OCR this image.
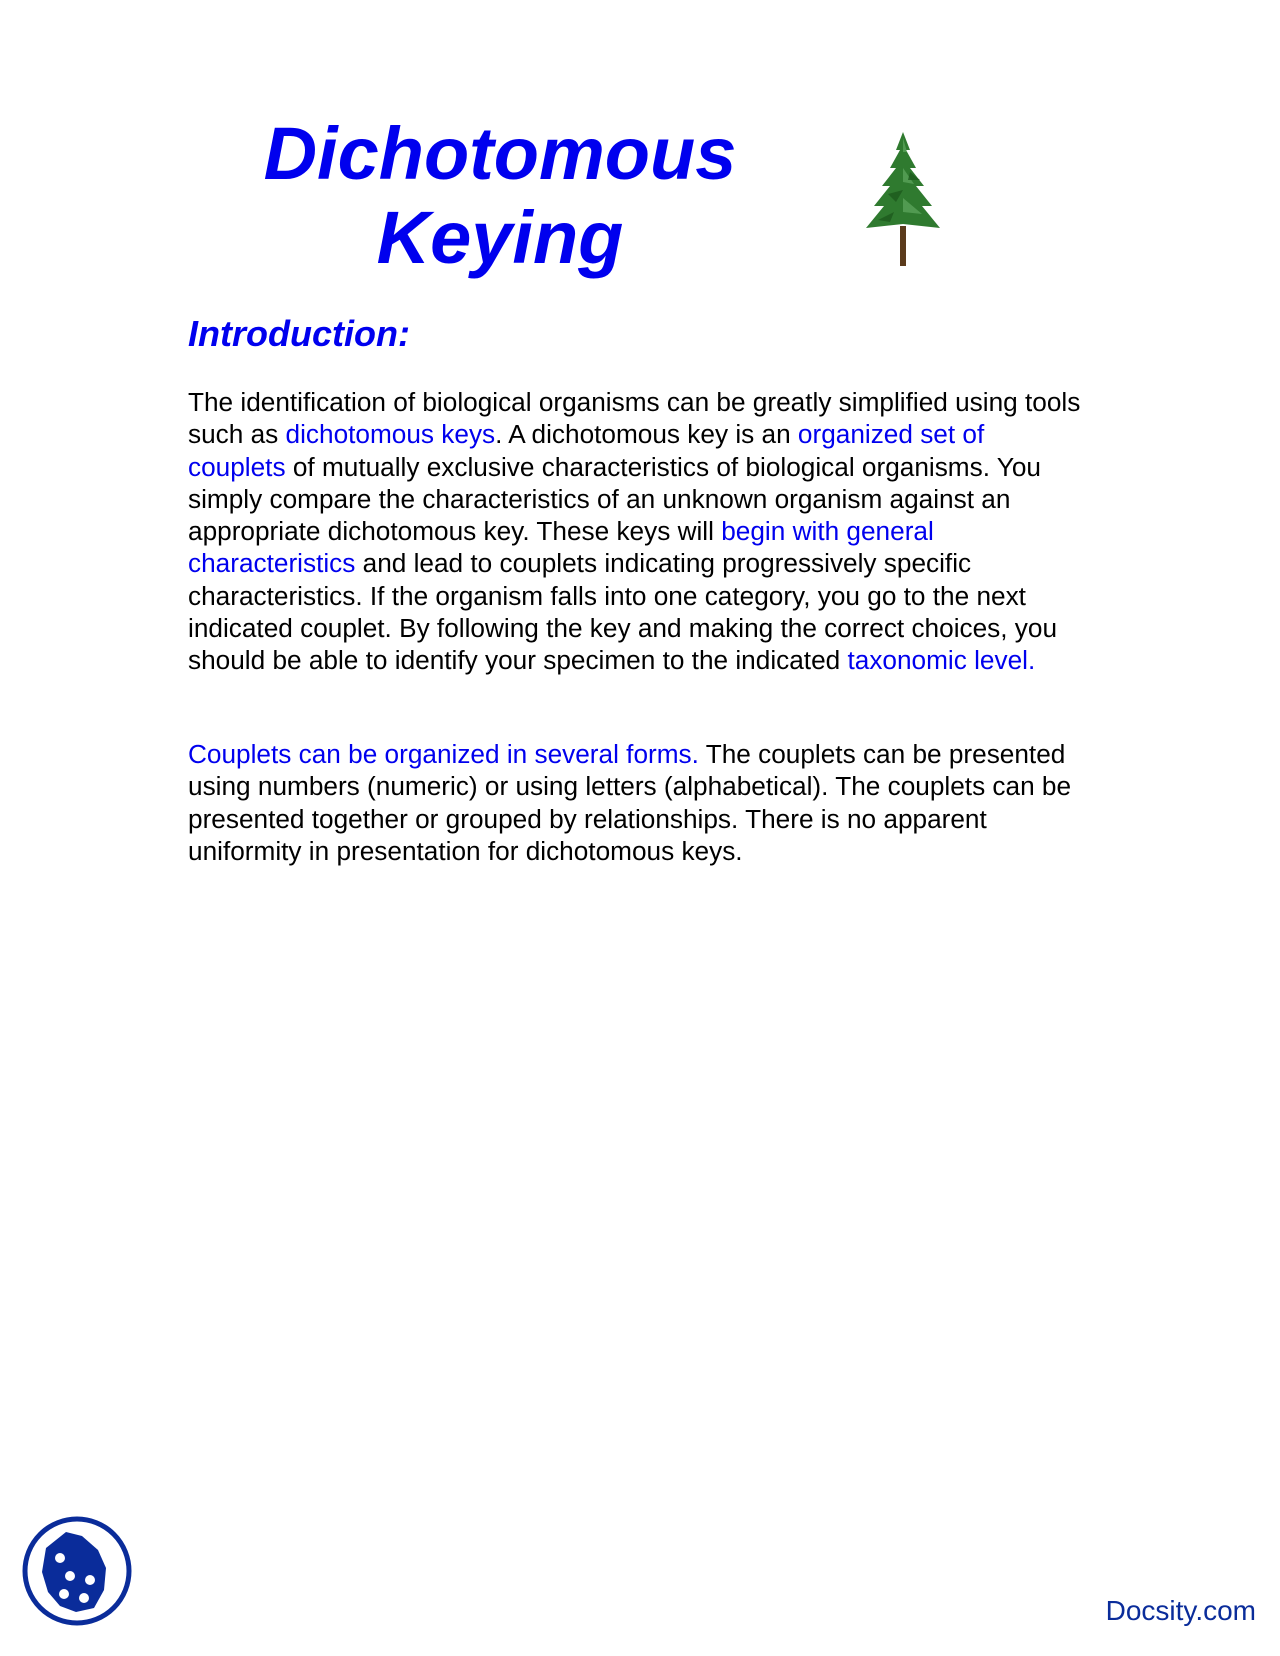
Dichotomous
Keying
Introduction:

The identification of biological organisms can be greatly simplified using tools such as dichotomous keys. A dichotomous key is an organized set of couplets of mutually exclusive characteristics of biological organisms. You simply compare the characteristics of an unknown organism against an appropriate dichotomous key. These keys will begin with general characteristics and lead to couplets indicating progressively specific characteristics. If the organism falls into one category, you go to the next indicated couplet. By following the key and making the correct choices, you should be able to identify your specimen to the indicated taxonomic level.

Couplets can be organized in several forms. The couplets can be presented using numbers (numeric) or using letters (alphabetical). The couplets can be presented together or grouped by relationships. There is no apparent uniformity in presentation for dichotomous keys.

Docsity.com
